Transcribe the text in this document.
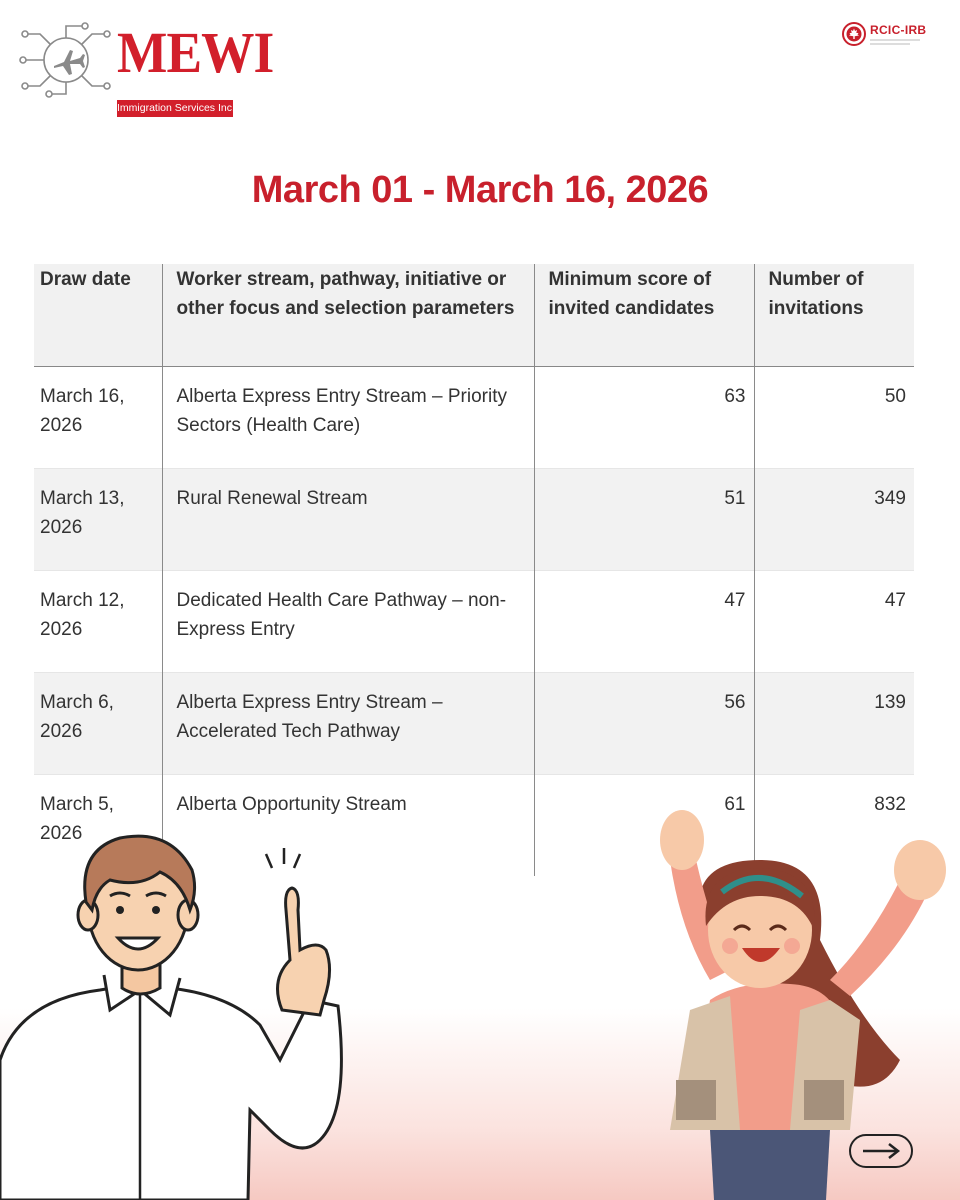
MEWI
Immigration Services Inc.
RCIC-IRB
March 01 - March 16, 2026
Draw date	Worker stream, pathway, initiative or other focus and selection parameters	Minimum score of invited candidates	Number of invitations
March 16, 2026	Alberta Express Entry Stream – Priority Sectors (Health Care)	63	50
March 13, 2026	Rural Renewal Stream	51	349
March 12, 2026	Dedicated Health Care Pathway – non-Express Entry	47	47
March 6, 2026	Alberta Express Entry Stream – Accelerated Tech Pathway	56	139
March 5, 2026	Alberta Opportunity Stream	61	832
